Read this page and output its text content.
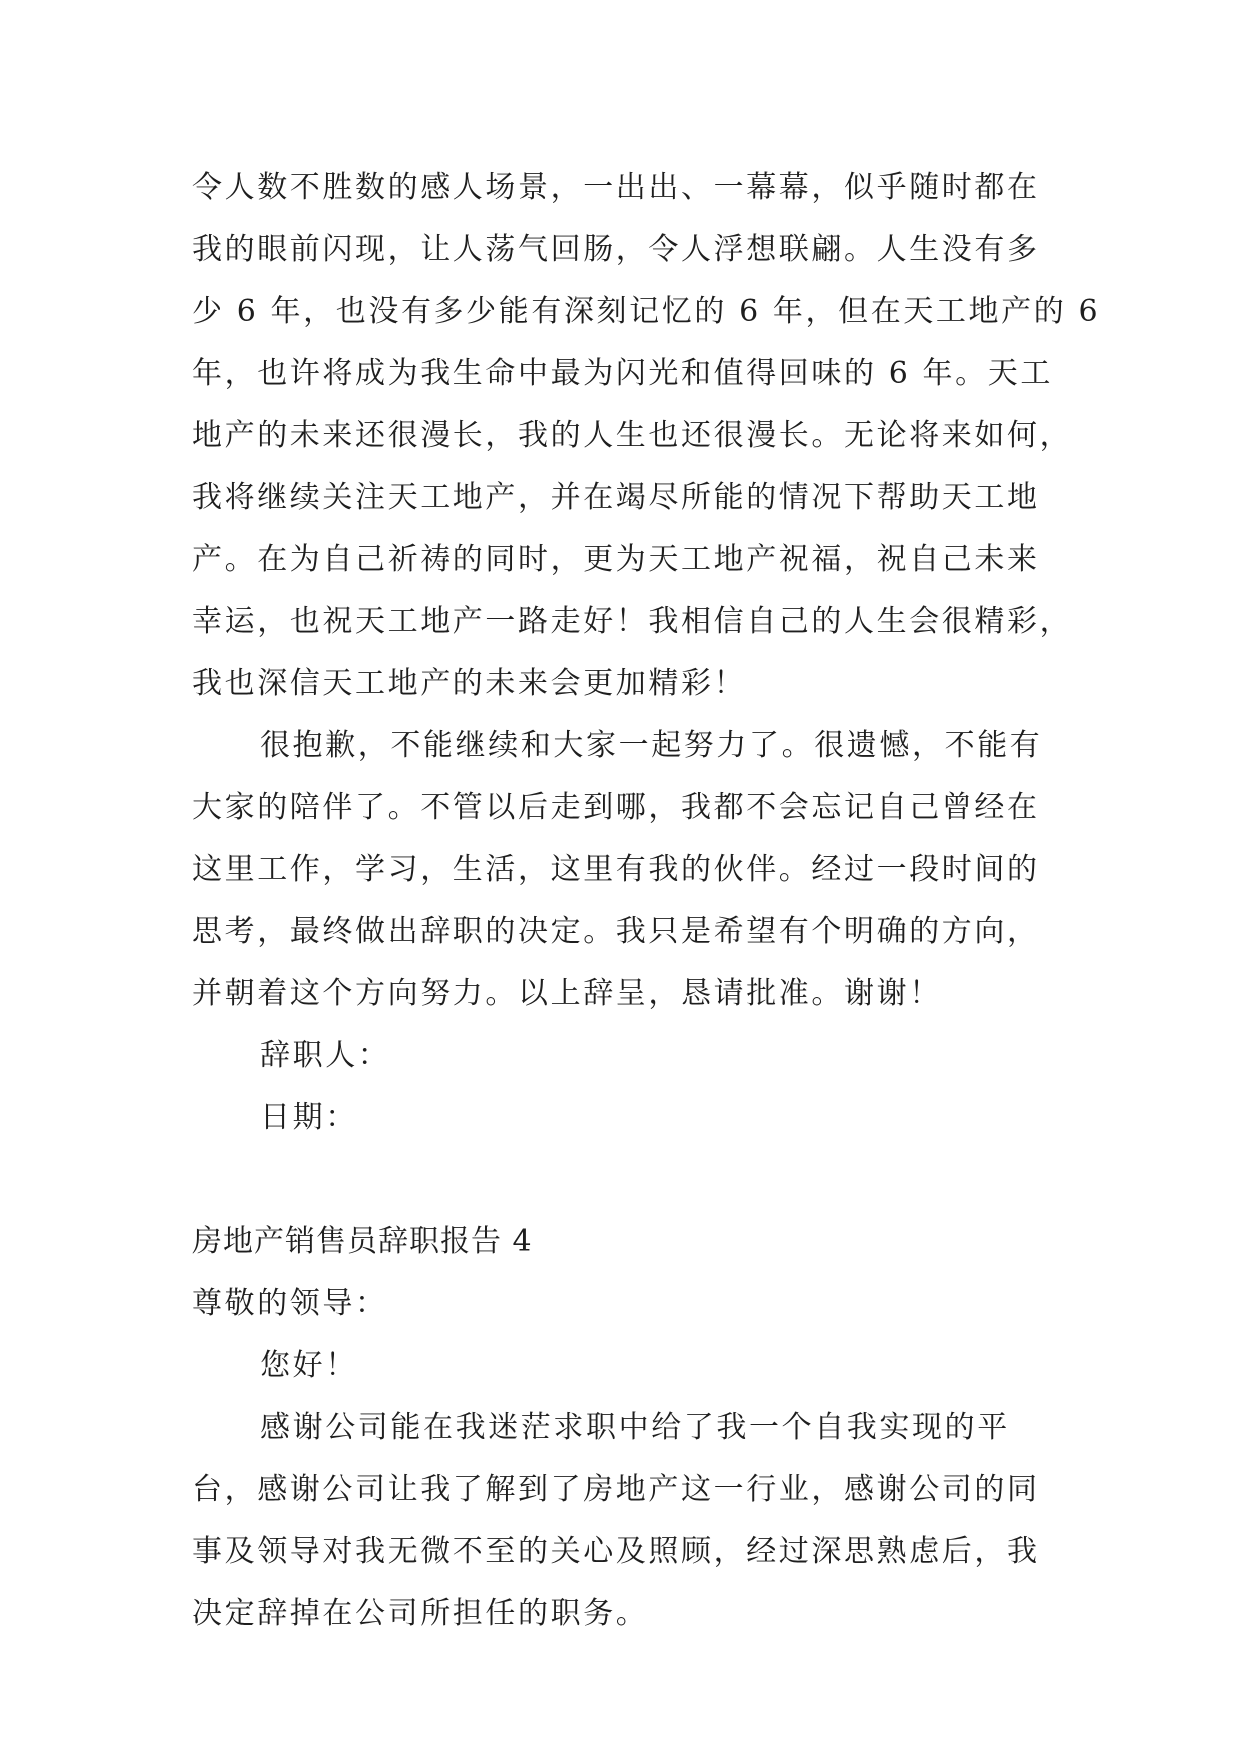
令人数不胜数的感人场景，一出出、一幕幕，似乎随时都在
我的眼前闪现，让人荡气回肠，令人浮想联翩。人生没有多
少 6 年，也没有多少能有深刻记忆的 6 年，但在天工地产的 6
年，也许将成为我生命中最为闪光和值得回味的 6 年。天工
地产的未来还很漫长，我的人生也还很漫长。无论将来如何，
我将继续关注天工地产，并在竭尽所能的情况下帮助天工地
产。在为自己祈祷的同时，更为天工地产祝福，祝自己未来
幸运，也祝天工地产一路走好！我相信自己的人生会很精彩，
我也深信天工地产的未来会更加精彩！
很抱歉，不能继续和大家一起努力了。很遗憾，不能有
大家的陪伴了。不管以后走到哪，我都不会忘记自己曾经在
这里工作，学习，生活，这里有我的伙伴。经过一段时间的
思考，最终做出辞职的决定。我只是希望有个明确的方向，
并朝着这个方向努力。以上辞呈，恳请批准。谢谢！
辞职人：
日期：
房地产销售员辞职报告 4
尊敬的领导：
您好！
感谢公司能在我迷茫求职中给了我一个自我实现的平
台，感谢公司让我了解到了房地产这一行业，感谢公司的同
事及领导对我无微不至的关心及照顾，经过深思熟虑后，我
决定辞掉在公司所担任的职务。
